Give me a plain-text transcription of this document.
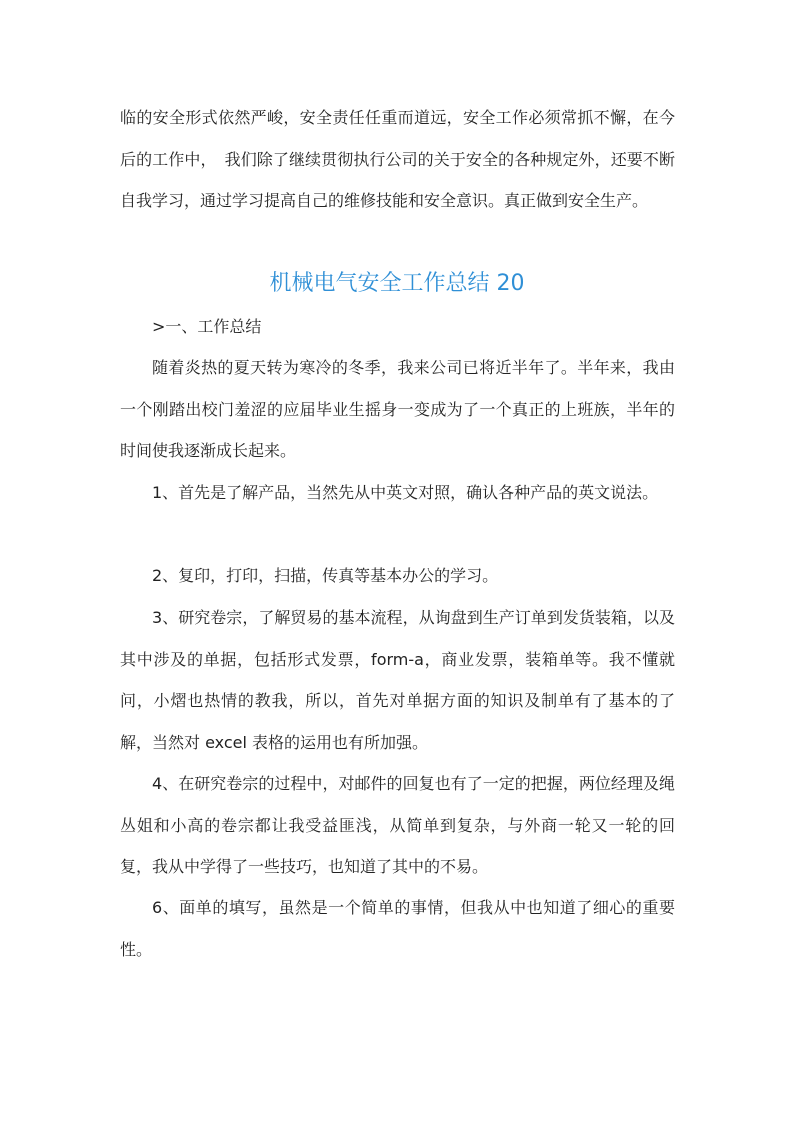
临的安全形式依然严峻，安全责任任重而道远，安全工作必须常抓不懈，在今后的工作中，　我们除了继续贯彻执行公司的关于安全的各种规定外，还要不断自我学习，通过学习提高自己的维修技能和安全意识。真正做到安全生产。

机械电气安全工作总结 20

>一、工作总结

随着炎热的夏天转为寒冷的冬季，我来公司已将近半年了。半年来，我由一个刚踏出校门羞涩的应届毕业生摇身一变成为了一个真正的上班族，半年的时间使我逐渐成长起来。

1、首先是了解产品，当然先从中英文对照，确认各种产品的英文说法。

2、复印，打印，扫描，传真等基本办公的学习。

3、研究卷宗，了解贸易的基本流程，从询盘到生产订单到发货装箱，以及其中涉及的单据，包括形式发票，form-a，商业发票，装箱单等。我不懂就问，小熠也热情的教我，所以，首先对单据方面的知识及制单有了基本的了解，当然对 excel 表格的运用也有所加强。

4、在研究卷宗的过程中，对邮件的回复也有了一定的把握，两位经理及绳丛姐和小高的卷宗都让我受益匪浅，从简单到复杂，与外商一轮又一轮的回复，我从中学得了一些技巧，也知道了其中的不易。

6、面单的填写，虽然是一个简单的事情，但我从中也知道了细心的重要性。
